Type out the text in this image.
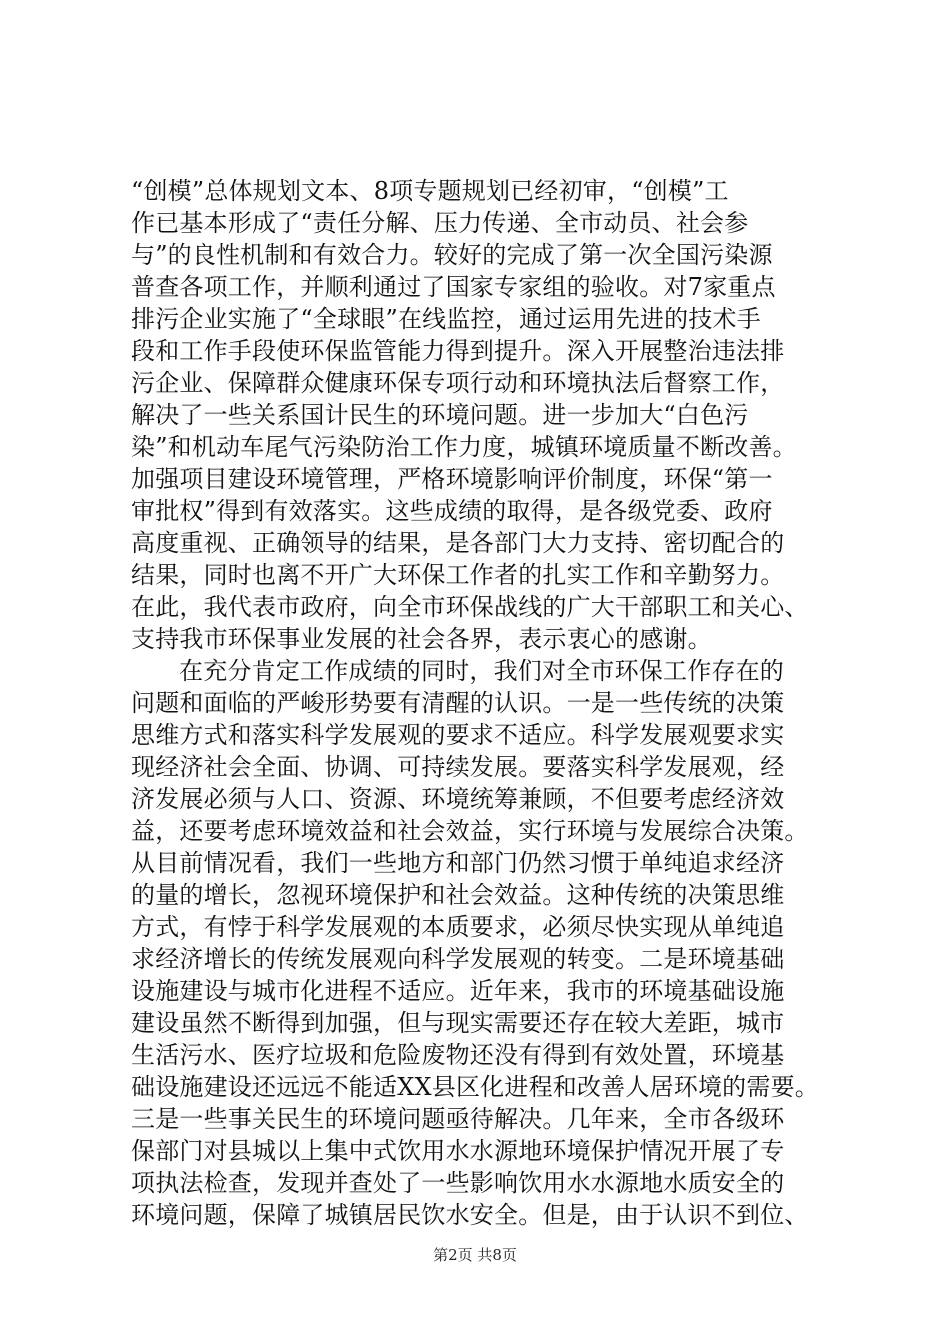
“创模”总体规划文本、8项专题规划已经初审，“创模”工
作已基本形成了“责任分解、压力传递、全市动员、社会参
与”的良性机制和有效合力。较好的完成了第一次全国污染源
普查各项工作，并顺利通过了国家专家组的验收。对7家重点
排污企业实施了“全球眼”在线监控，通过运用先进的技术手
段和工作手段使环保监管能力得到提升。深入开展整治违法排
污企业、保障群众健康环保专项行动和环境执法后督察工作，
解决了一些关系国计民生的环境问题。进一步加大“白色污
染”和机动车尾气污染防治工作力度，城镇环境质量不断改善。
加强项目建设环境管理，严格环境影响评价制度，环保“第一
审批权”得到有效落实。这些成绩的取得，是各级党委、政府
高度重视、正确领导的结果，是各部门大力支持、密切配合的
结果，同时也离不开广大环保工作者的扎实工作和辛勤努力。
在此，我代表市政府，向全市环保战线的广大干部职工和关心、
支持我市环保事业发展的社会各界，表示衷心的感谢。
在充分肯定工作成绩的同时，我们对全市环保工作存在的
问题和面临的严峻形势要有清醒的认识。一是一些传统的决策
思维方式和落实科学发展观的要求不适应。科学发展观要求实
现经济社会全面、协调、可持续发展。要落实科学发展观，经
济发展必须与人口、资源、环境统筹兼顾，不但要考虑经济效
益，还要考虑环境效益和社会效益，实行环境与发展综合决策。
从目前情况看，我们一些地方和部门仍然习惯于单纯追求经济
的量的增长，忽视环境保护和社会效益。这种传统的决策思维
方式，有悖于科学发展观的本质要求，必须尽快实现从单纯追
求经济增长的传统发展观向科学发展观的转变。二是环境基础
设施建设与城市化进程不适应。近年来，我市的环境基础设施
建设虽然不断得到加强，但与现实需要还存在较大差距，城市
生活污水、医疗垃圾和危险废物还没有得到有效处置，环境基
础设施建设还远远不能适XX县区化进程和改善人居环境的需要。
三是一些事关民生的环境问题亟待解决。几年来，全市各级环
保部门对县城以上集中式饮用水水源地环境保护情况开展了专
项执法检查，发现并查处了一些影响饮用水水源地水质安全的
环境问题，保障了城镇居民饮水安全。但是，由于认识不到位、
第2页 共8页
